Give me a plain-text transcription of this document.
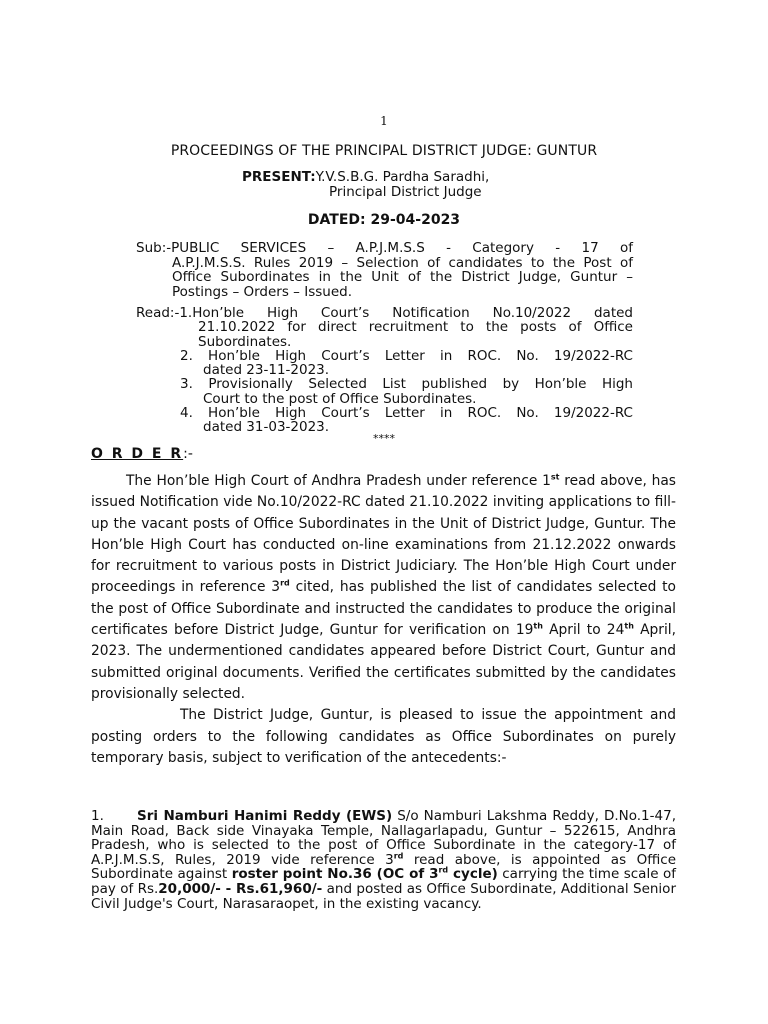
1
PROCEEDINGS OF THE PRINCIPAL DISTRICT JUDGE: GUNTUR
PRESENT:Y.V.S.B.G. Pardha Saradhi,
Principal District Judge
DATED: 29-04-2023
Sub:-PUBLIC SERVICES – A.P.J.M.S.S - Category - 17 of
A.P.J.M.S.S. Rules 2019 – Selection of candidates to the Post of Office Subordinates in the Unit of the District Judge, Guntur – Postings – Orders – Issued.
Read:-1.Hon’ble High Court’s Notification No.10/2022 dated
21.10.2022 for direct recruitment to the posts of Office Subordinates.
2. Hon’ble High Court’s Letter in ROC. No. 19/2022-RC
dated 23-11-2023.
3. Provisionally Selected List published by Hon’ble High
Court to the post of Office Subordinates.
4. Hon’ble High Court’s Letter in ROC. No. 19/2022-RC
dated 31-03-2023.
****
O R D E R:-

The Hon’ble High Court of Andhra Pradesh under reference 1st read above, has issued Notification vide No.10/2022-RC dated 21.10.2022 inviting applications to fill-up the vacant posts of Office Subordinates in the Unit of District Judge, Guntur. The Hon’ble High Court has conducted on-line examinations from 21.12.2022 onwards for recruitment to various posts in District Judiciary. The Hon’ble High Court under proceedings in reference 3rd cited, has published the list of candidates selected to the post of Office Subordinate and instructed the candidates to produce the original certificates before District Judge, Guntur for verification on 19th April to 24th April, 2023. The undermentioned candidates appeared before District Court, Guntur and submitted original documents. Verified the certificates submitted by the candidates provisionally selected.

The District Judge, Guntur, is pleased to issue the appointment and posting orders to the following candidates as Office Subordinates on purely temporary basis, subject to verification of the antecedents:-

1. Sri Namburi Hanimi Reddy (EWS) S/o Namburi Lakshma Reddy, D.No.1-47, Main Road, Back side Vinayaka Temple, Nallagarlapadu, Guntur – 522615, Andhra Pradesh, who is selected to the post of Office Subordinate in the category-17 of A.P.J.M.S.S, Rules, 2019 vide reference 3rd read above, is appointed as Office Subordinate against roster point No.36 (OC of 3rd cycle) carrying the time scale of pay of Rs.20,000/- - Rs.61,960/- and posted as Office Subordinate, Additional Senior Civil Judge's Court, Narasaraopet, in the existing vacancy.
